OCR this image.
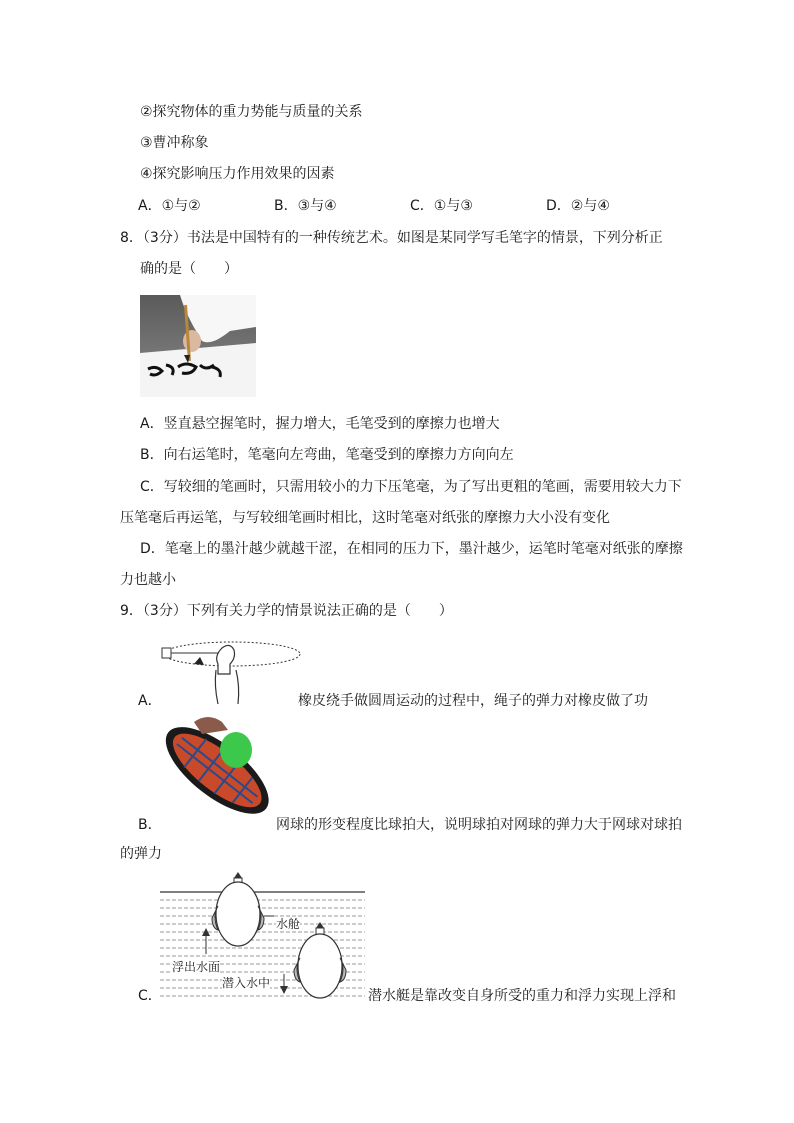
②探究物体的重力势能与质量的关系
③曹冲称象
④探究影响压力作用效果的因素
A．①与②	B．③与④	C．①与③	D．②与④
8．（3分）书法是中国特有的一种传统艺术。如图是某同学写毛笔字的情景，下列分析正
确的是（　　）
A．竖直悬空握笔时，握力增大，毛笔受到的摩擦力也增大
B．向右运笔时，笔毫向左弯曲，笔毫受到的摩擦力方向向左
C．写较细的笔画时，只需用较小的力下压笔毫，为了写出更粗的笔画，需要用较大力下
压笔毫后再运笔，与写较细笔画时相比，这时笔毫对纸张的摩擦力大小没有变化
D．笔毫上的墨汁越少就越干涩，在相同的压力下，墨汁越少，运笔时笔毫对纸张的摩擦
力也越小
9．（3分）下列有关力学的情景说法正确的是（　　）
A．	橡皮绕手做圆周运动的过程中，绳子的弹力对橡皮做了功
B．	网球的形变程度比球拍大，说明球拍对网球的弹力大于网球对球拍
的弹力
水舱
浮出水面
潜入水中
C．	潜水艇是靠改变自身所受的重力和浮力实现上浮和
